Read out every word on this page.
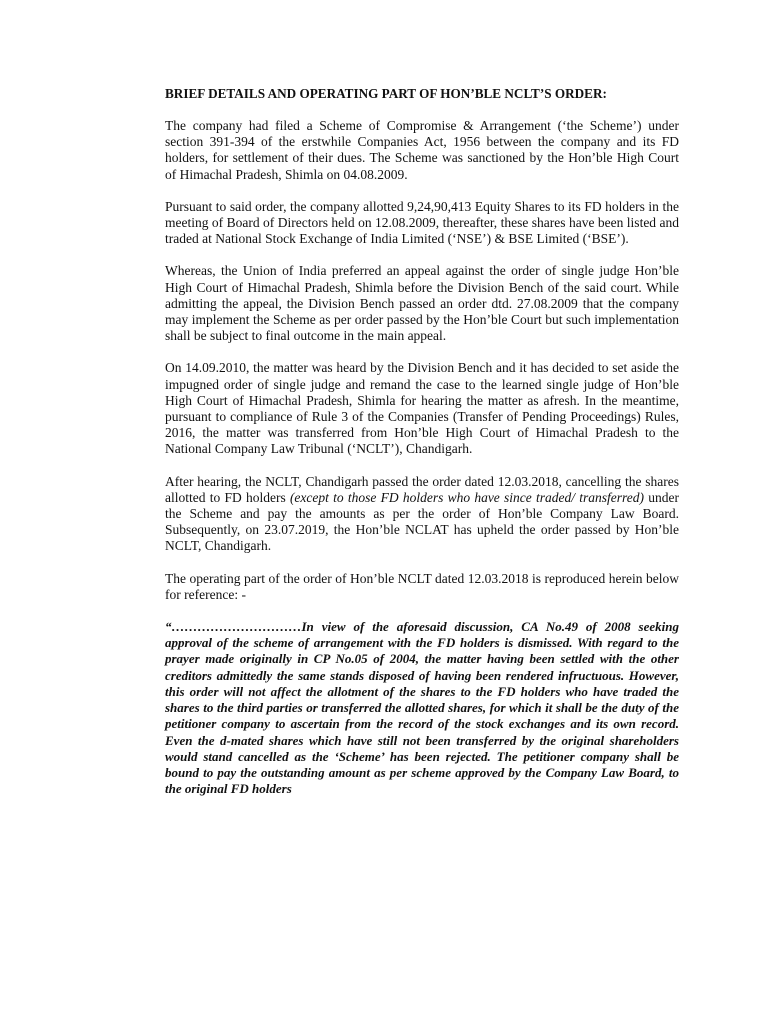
BRIEF DETAILS AND OPERATING PART OF HON’BLE NCLT’S ORDER:

The company had filed a Scheme of Compromise & Arrangement (‘the Scheme’) under section 391-394 of the erstwhile Companies Act, 1956 between the company and its FD holders, for settlement of their dues. The Scheme was sanctioned by the Hon’ble High Court of Himachal Pradesh, Shimla on 04.08.2009.

Pursuant to said order, the company allotted 9,24,90,413 Equity Shares to its FD holders in the meeting of Board of Directors held on 12.08.2009, thereafter, these shares have been listed and traded at National Stock Exchange of India Limited (‘NSE’) & BSE Limited (‘BSE’).

Whereas, the Union of India preferred an appeal against the order of single judge Hon’ble High Court of Himachal Pradesh, Shimla before the Division Bench of the said court. While admitting the appeal, the Division Bench passed an order dtd. 27.08.2009 that the company may implement the Scheme as per order passed by the Hon’ble Court but such implementation shall be subject to final outcome in the main appeal.

On 14.09.2010, the matter was heard by the Division Bench and it has decided to set aside the impugned order of single judge and remand the case to the learned single judge of Hon’ble High Court of Himachal Pradesh, Shimla for hearing the matter as afresh. In the meantime, pursuant to compliance of Rule 3 of the Companies (Transfer of Pending Proceedings) Rules, 2016, the matter was transferred from Hon’ble High Court of Himachal Pradesh to the National Company Law Tribunal (‘NCLT’), Chandigarh.

After hearing, the NCLT, Chandigarh passed the order dated 12.03.2018, cancelling the shares allotted to FD holders (except to those FD holders who have since traded/ transferred) under the Scheme and pay the amounts as per the order of Hon’ble Company Law Board. Subsequently, on 23.07.2019, the Hon’ble NCLAT has upheld the order passed by Hon’ble NCLT, Chandigarh.

The operating part of the order of Hon’ble NCLT dated 12.03.2018 is reproduced herein below for reference: -

“…………………………In view of the aforesaid discussion, CA No.49 of 2008 seeking approval of the scheme of arrangement with the FD holders is dismissed. With regard to the prayer made originally in CP No.05 of 2004, the matter having been settled with the other creditors admittedly the same stands disposed of having been rendered infructuous. However, this order will not affect the allotment of the shares to the FD holders who have traded the shares to the third parties or transferred the allotted shares, for which it shall be the duty of the petitioner company to ascertain from the record of the stock exchanges and its own record. Even the d-mated shares which have still not been transferred by the original shareholders would stand cancelled as the ‘Scheme’ has been rejected. The petitioner company shall be bound to pay the outstanding amount as per scheme approved by the Company Law Board, to the original FD holders
